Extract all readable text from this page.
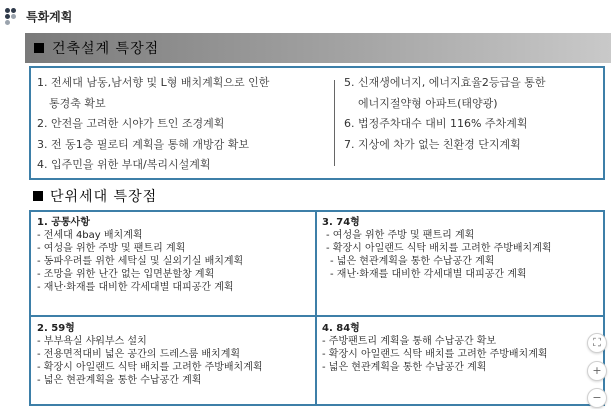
특화계획
건축설계 특장점
1. 전세대 남동,남서향 및 L형 배치계획으로 인한
통경축 확보
2. 안전을 고려한 시야가 트인 조경계획
3. 전 동1층 필로티 계획을 통해 개방감 확보
4. 입주민을 위한 부대/복리시설계획
5. 신재생에너지, 에너지효율2등급을 통한
에너지절약형 아파트(태양광)
6. 법정주차대수 대비 116% 주차계획
7. 지상에 차가 없는 친환경 단지계획
단위세대 특장점
1. 공통사항
- 전세대 4bay 배치계획
- 여성을 위한 주방 및 팬트리 계획
- 동파우려를 위한 세탁실 및 실외기실 배치계획
- 조망을 위한 난간 없는 입면분할창 계획
- 재난·화재를 대비한 각세대별 대피공간 계획
3. 74형
- 여성을 위한 주방 및 팬트리 계획
- 확장시 아일랜드 식탁 배치를 고려한 주방배치계획
- 넓은 현관계획을 통한 수납공간 계획
- 재난·화재를 대비한 각세대별 대피공간 계획
2. 59형
- 부부욕실 샤워부스 설치
- 전용면적대비 넓은 공간의 드레스룸 배치계획
- 확장시 아일랜드 식탁 배치를 고려한 주방배치계획
- 넓은 현관계획을 통한 수납공간 계획
4. 84형
- 주방팬트리 계획을 통해 수납공간 확보
- 확장시 아일랜드 식탁 배치를 고려한 주방배치계획
- 넓은 현관계획을 통한 수납공간 계획
⛶
+
−
